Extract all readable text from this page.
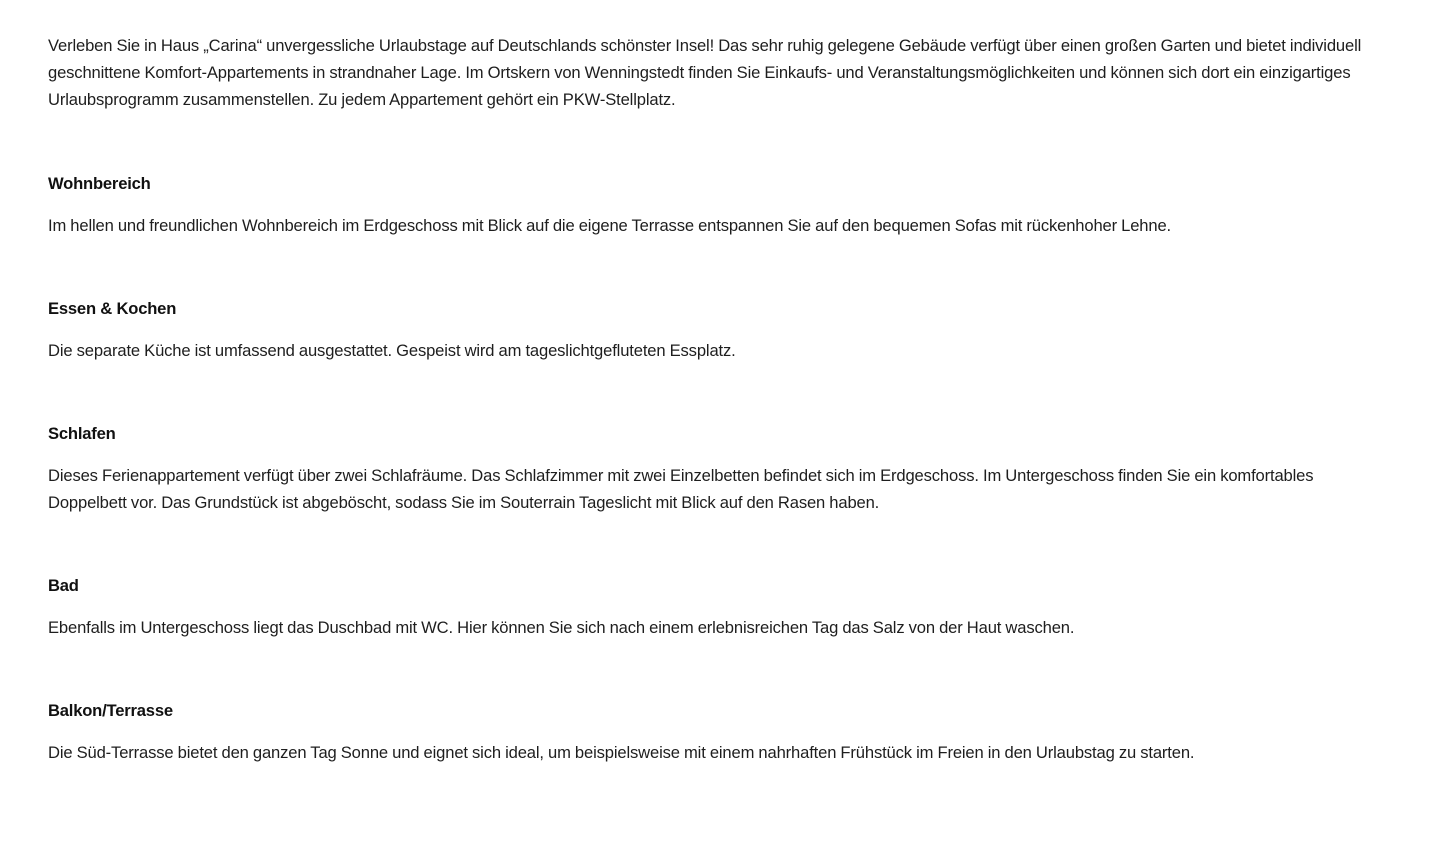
Verleben Sie in Haus „Carina“ unvergessliche Urlaubstage auf Deutschlands schönster Insel! Das sehr ruhig gelegene Gebäude verfügt über einen großen Garten und bietet individuell geschnittene Komfort-Appartements in strandnaher Lage. Im Ortskern von Wenningstedt finden Sie Einkaufs- und Veranstaltungsmöglichkeiten und können sich dort ein einzigartiges Urlaubsprogramm zusammenstellen. Zu jedem Appartement gehört ein PKW-Stellplatz.

Wohnbereich

Im hellen und freundlichen Wohnbereich im Erdgeschoss mit Blick auf die eigene Terrasse entspannen Sie auf den bequemen Sofas mit rückenhoher Lehne.

Essen & Kochen

Die separate Küche ist umfassend ausgestattet. Gespeist wird am tageslichtgefluteten Essplatz.

Schlafen

Dieses Ferienappartement verfügt über zwei Schlafräume. Das Schlafzimmer mit zwei Einzelbetten befindet sich im Erdgeschoss. Im Untergeschoss finden Sie ein komfortables Doppelbett vor. Das Grundstück ist abgeböscht, sodass Sie im Souterrain Tageslicht mit Blick auf den Rasen haben.

Bad

Ebenfalls im Untergeschoss liegt das Duschbad mit WC. Hier können Sie sich nach einem erlebnisreichen Tag das Salz von der Haut waschen.

Balkon/Terrasse

Die Süd-Terrasse bietet den ganzen Tag Sonne und eignet sich ideal, um beispielsweise mit einem nahrhaften Frühstück im Freien in den Urlaubstag zu starten.
